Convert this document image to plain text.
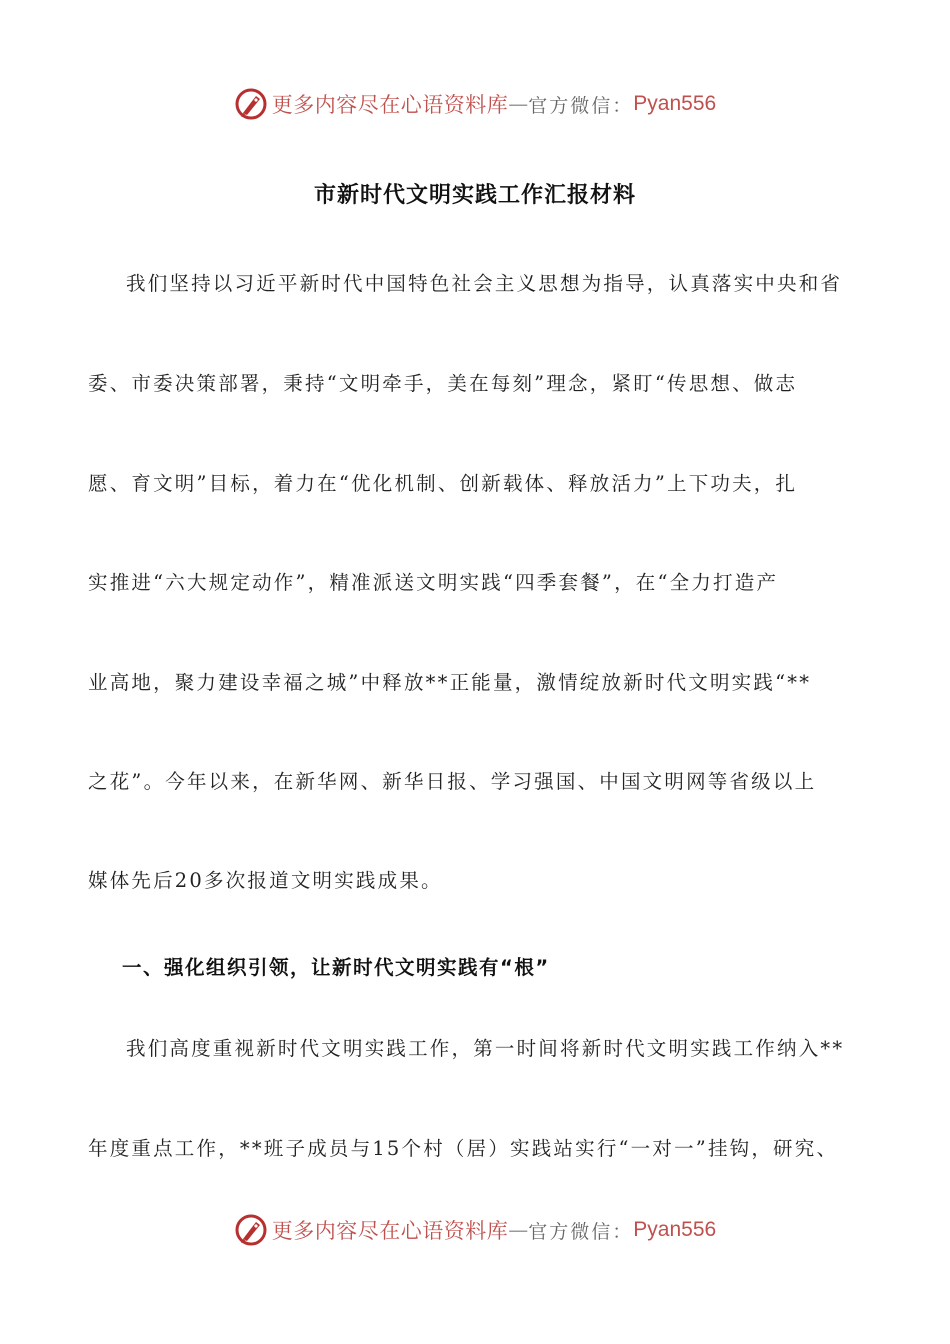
更多内容尽在心语资料库 — 官方微信： Pyan556
市新时代文明实践工作汇报材料
我们坚持以习近平新时代中国特色社会主义思想为指导，认真落实中央和省
委、市委决策部署，秉持“文明牵手，美在每刻”理念，紧盯“传思想、做志
愿、育文明”目标，着力在“优化机制、创新载体、释放活力”上下功夫，扎
实推进“六大规定动作”，精准派送文明实践“四季套餐”，在“全力打造产
业高地，聚力建设幸福之城”中释放**正能量，激情绽放新时代文明实践“**
之花”。今年以来，在新华网、新华日报、学习强国、中国文明网等省级以上
媒体先后20多次报道文明实践成果。
一、强化组织引领，让新时代文明实践有“根”
我们高度重视新时代文明实践工作，第一时间将新时代文明实践工作纳入**
年度重点工作，**班子成员与15个村（居）实践站实行“一对一”挂钩，研究、
更多内容尽在心语资料库 — 官方微信： Pyan556
